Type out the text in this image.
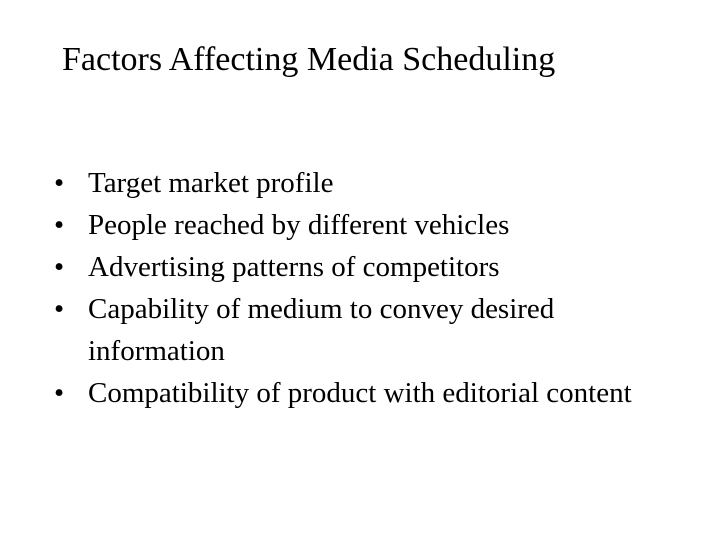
Factors Affecting Media Scheduling
• Target market profile
• People reached by different vehicles
• Advertising patterns of competitors
• Capability of medium to convey desired information
• Compatibility of product with editorial content
